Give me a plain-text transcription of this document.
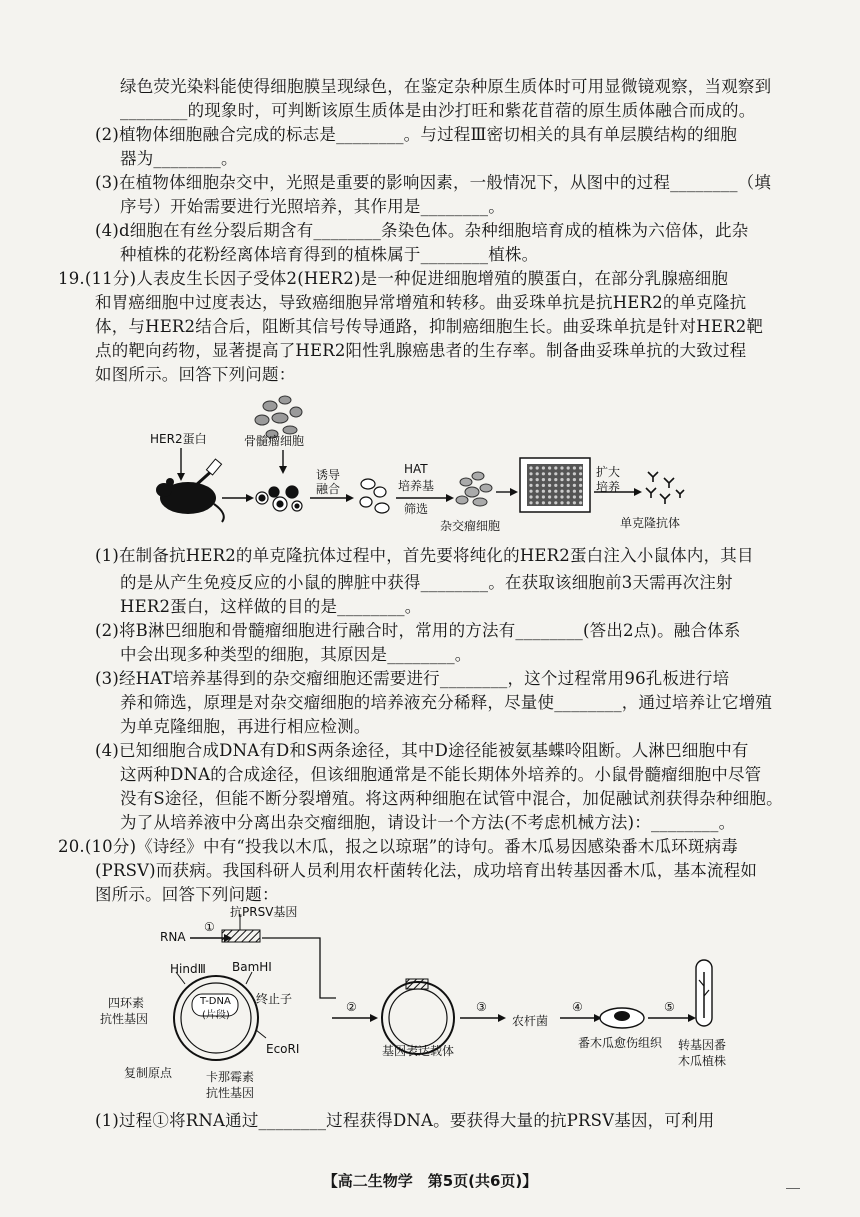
绿色荧光染料能使得细胞膜呈现绿色，在鉴定杂种原生质体时可用显微镜观察，当观察到
________的现象时，可判断该原生质体是由沙打旺和紫花苜蓿的原生质体融合而成的。
(2)植物体细胞融合完成的标志是________。与过程Ⅲ密切相关的具有单层膜结构的细胞
器为________。
(3)在植物体细胞杂交中，光照是重要的影响因素，一般情况下，从图中的过程________（填
序号）开始需要进行光照培养，其作用是________。
(4)d细胞在有丝分裂后期含有________条染色体。杂种细胞培育成的植株为六倍体，此杂
种植株的花粉经离体培育得到的植株属于________植株。
19.(11分)人表皮生长因子受体2(HER2)是一种促进细胞增殖的膜蛋白，在部分乳腺癌细胞
和胃癌细胞中过度表达，导致癌细胞异常增殖和转移。曲妥珠单抗是抗HER2的单克隆抗
体，与HER2结合后，阻断其信号传导通路，抑制癌细胞生长。曲妥珠单抗是针对HER2靶
点的靶向药物，显著提高了HER2阳性乳腺癌患者的生存率。制备曲妥珠单抗的大致过程
如图所示。回答下列问题：
HER2蛋白	骨髓瘤细胞
诱导
融合
HAT
培养基
筛选
杂交瘤细胞
扩大
培养
单克隆抗体
(1)在制备抗HER2的单克隆抗体过程中，首先要将纯化的HER2蛋白注入小鼠体内，其目
的是从产生免疫反应的小鼠的脾脏中获得________。在获取该细胞前3天需再次注射
HER2蛋白，这样做的目的是________。
(2)将B淋巴细胞和骨髓瘤细胞进行融合时，常用的方法有________(答出2点)。融合体系
中会出现多种类型的细胞，其原因是________。
(3)经HAT培养基得到的杂交瘤细胞还需要进行________，这个过程常用96孔板进行培
养和筛选，原理是对杂交瘤细胞的培养液充分稀释，尽量使________，通过培养让它增殖
为单克隆细胞，再进行相应检测。
(4)已知细胞合成DNA有D和S两条途径，其中D途径能被氨基蝶呤阻断。人淋巴细胞中有
这两种DNA的合成途径，但该细胞通常是不能长期体外培养的。小鼠骨髓瘤细胞中尽管
没有S途径，但能不断分裂增殖。将这两种细胞在试管中混合，加促融试剂获得杂种细胞。
为了从培养液中分离出杂交瘤细胞，请设计一个方法(不考虑机械方法)：________。
20.(10分)《诗经》中有“投我以木瓜，报之以琼琚”的诗句。番木瓜易因感染番木瓜环斑病毒
(PRSV)而获病。我国科研人员利用农杆菌转化法，成功培育出转基因番木瓜，基本流程如
图所示。回答下列问题：
RNA
①
抗PRSV基因
HindⅢ BamHⅠ
T-DNA
(片段)
终止子
四环素
抗性基因
EcoRⅠ
复制原点	卡那霉素
抗性基因
②
基因表达载体
③
农杆菌
④
番木瓜愈伤组织
⑤
转基因番
木瓜植株
(1)过程①将RNA通过________过程获得DNA。要获得大量的抗PRSV基因，可利用
【高二生物学　第5页(共6页)】
